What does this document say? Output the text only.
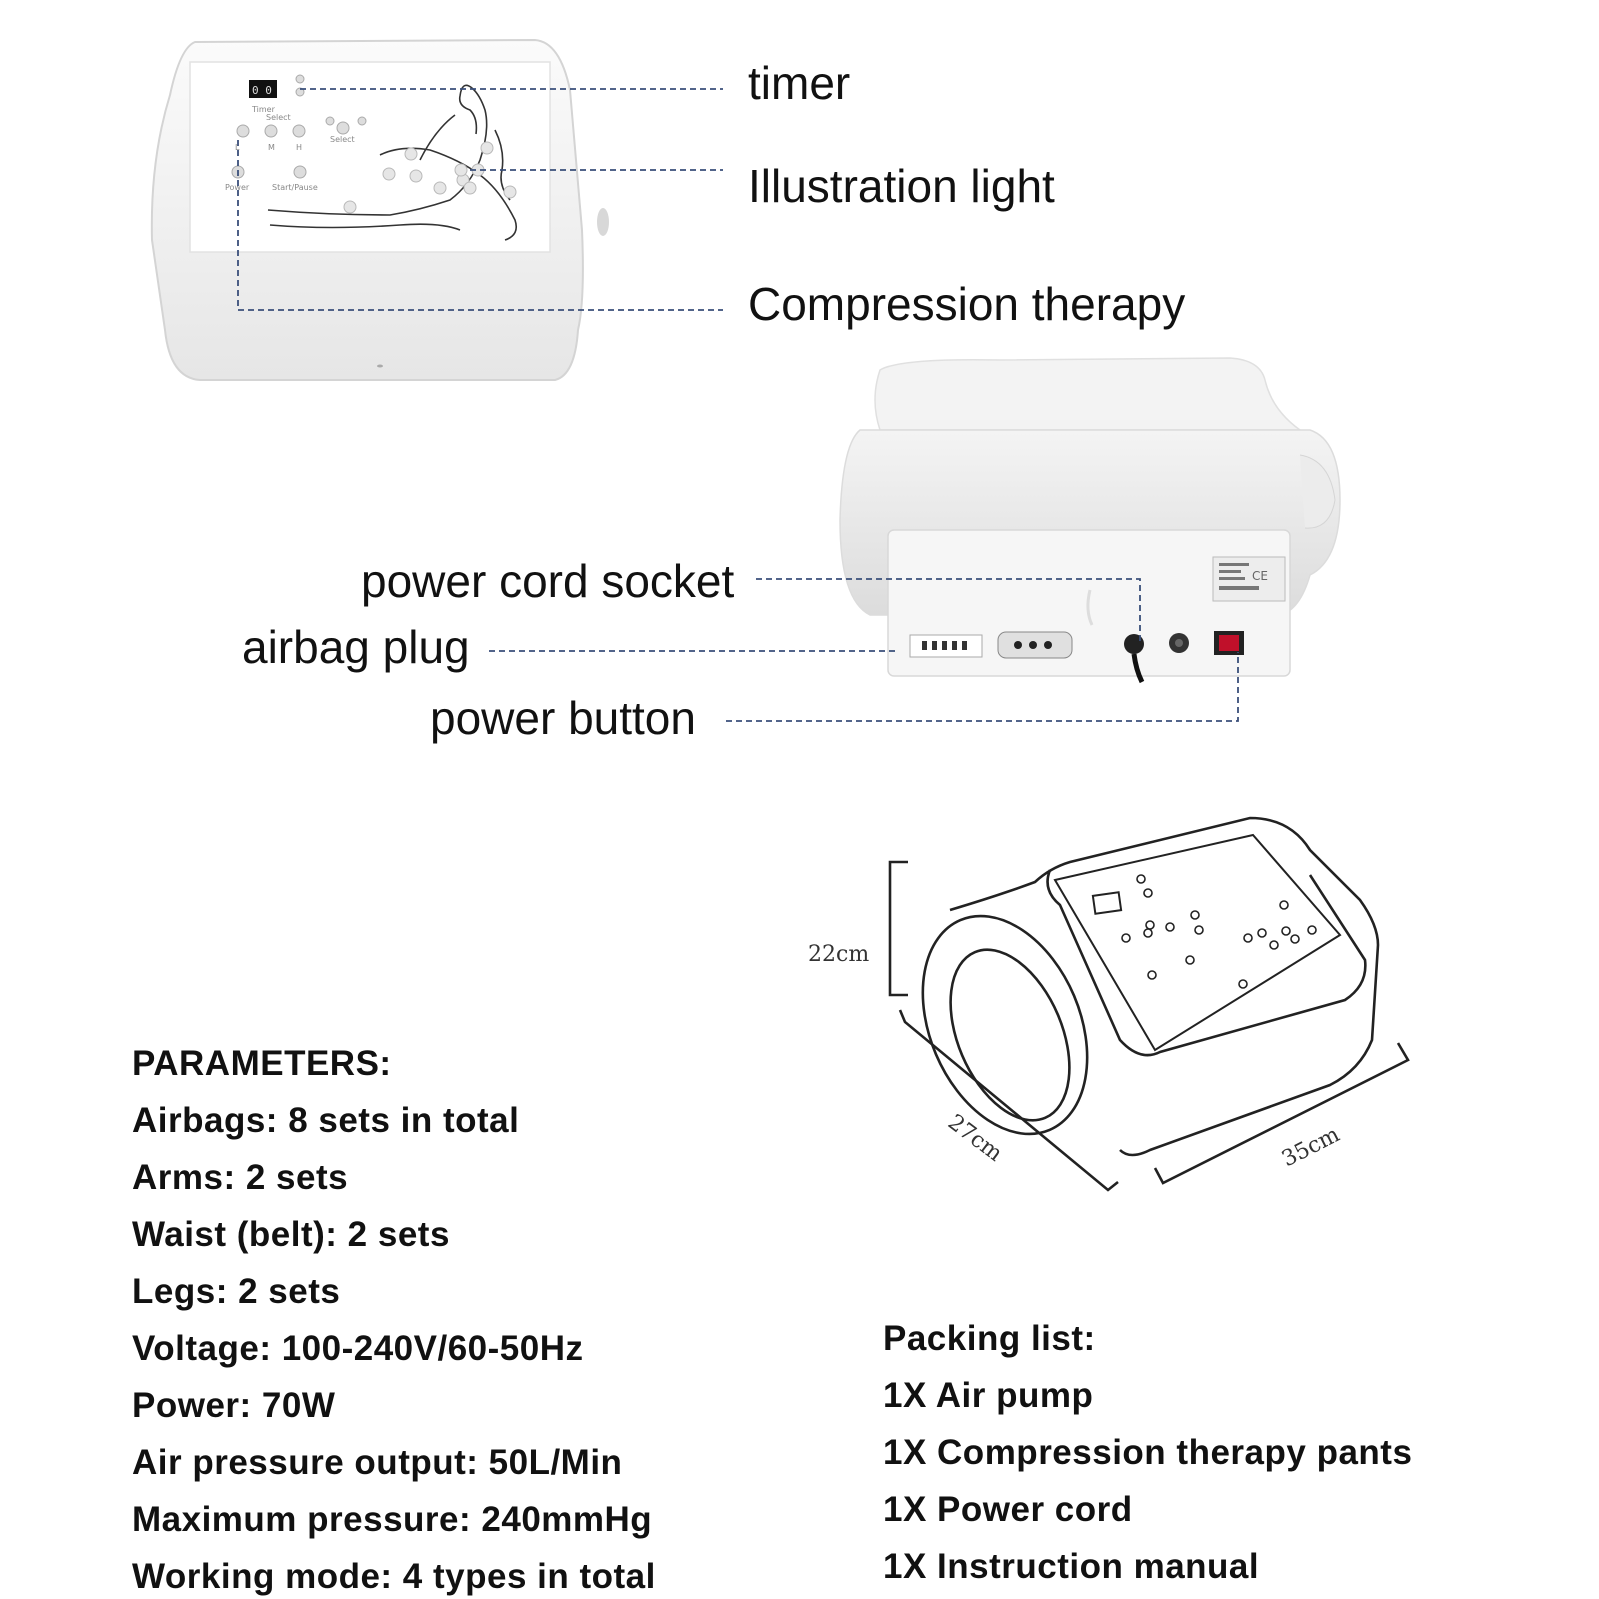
0 0
Timer
Select
Select
Power	Start/Pause
L	M	H
CE
timer
Illustration light
Compression therapy
power cord socket
airbag plug
power button
22cm
27cm	35cm
PARAMETERS:
Airbags: 8 sets in total
Arms: 2 sets
Waist (belt): 2 sets
Legs: 2 sets
Voltage: 100-240V/60-50Hz
Power: 70W
Air pressure output: 50L/Min
Maximum pressure: 240mmHg
Working mode: 4 types in total
Packing list:
1X Air pump
1X Compression therapy pants
1X Power cord
1X Instruction manual
